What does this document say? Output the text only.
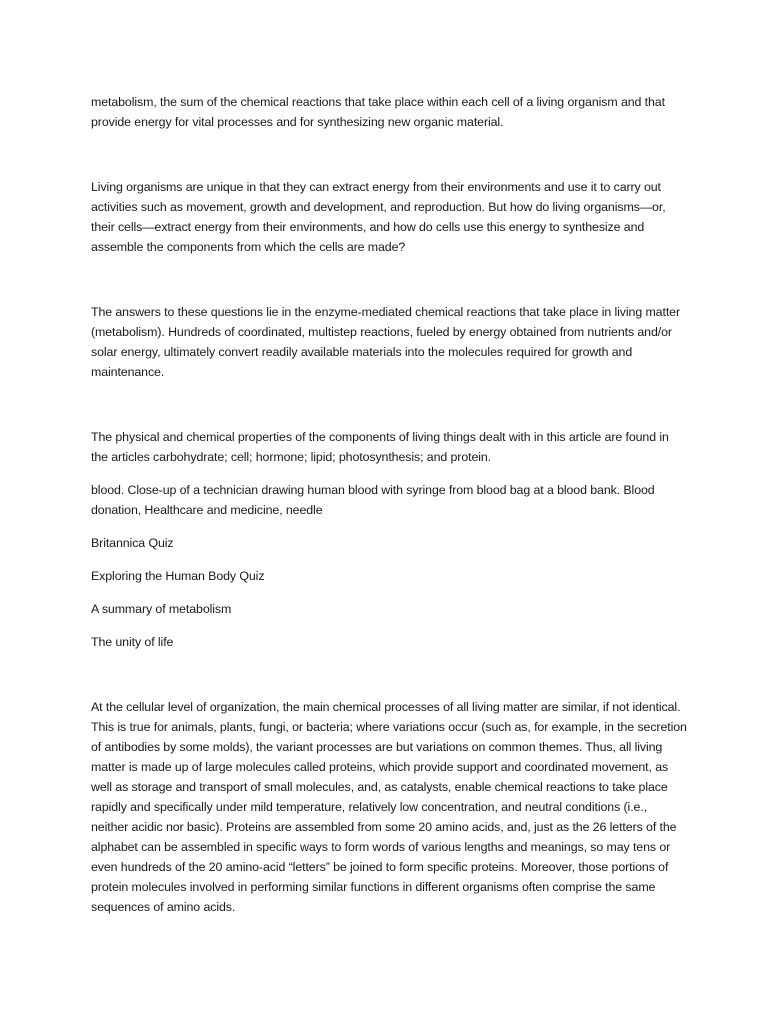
metabolism, the sum of the chemical reactions that take place within each cell of a living organism and that provide energy for vital processes and for synthesizing new organic material.

Living organisms are unique in that they can extract energy from their environments and use it to carry out activities such as movement, growth and development, and reproduction. But how do living organisms—or, their cells—extract energy from their environments, and how do cells use this energy to synthesize and assemble the components from which the cells are made?

The answers to these questions lie in the enzyme-mediated chemical reactions that take place in living matter (metabolism). Hundreds of coordinated, multistep reactions, fueled by energy obtained from nutrients and/or solar energy, ultimately convert readily available materials into the molecules required for growth and maintenance.

The physical and chemical properties of the components of living things dealt with in this article are found in the articles carbohydrate; cell; hormone; lipid; photosynthesis; and protein.

blood. Close-up of a technician drawing human blood with syringe from blood bag at a blood bank. Blood donation, Healthcare and medicine, needle

Britannica Quiz

Exploring the Human Body Quiz

A summary of metabolism

The unity of life

At the cellular level of organization, the main chemical processes of all living matter are similar, if not identical. This is true for animals, plants, fungi, or bacteria; where variations occur (such as, for example, in the secretion of antibodies by some molds), the variant processes are but variations on common themes. Thus, all living matter is made up of large molecules called proteins, which provide support and coordinated movement, as well as storage and transport of small molecules, and, as catalysts, enable chemical reactions to take place rapidly and specifically under mild temperature, relatively low concentration, and neutral conditions (i.e., neither acidic nor basic). Proteins are assembled from some 20 amino acids, and, just as the 26 letters of the alphabet can be assembled in specific ways to form words of various lengths and meanings, so may tens or even hundreds of the 20 amino-acid “letters” be joined to form specific proteins. Moreover, those portions of protein molecules involved in performing similar functions in different organisms often comprise the same sequences of amino acids.
